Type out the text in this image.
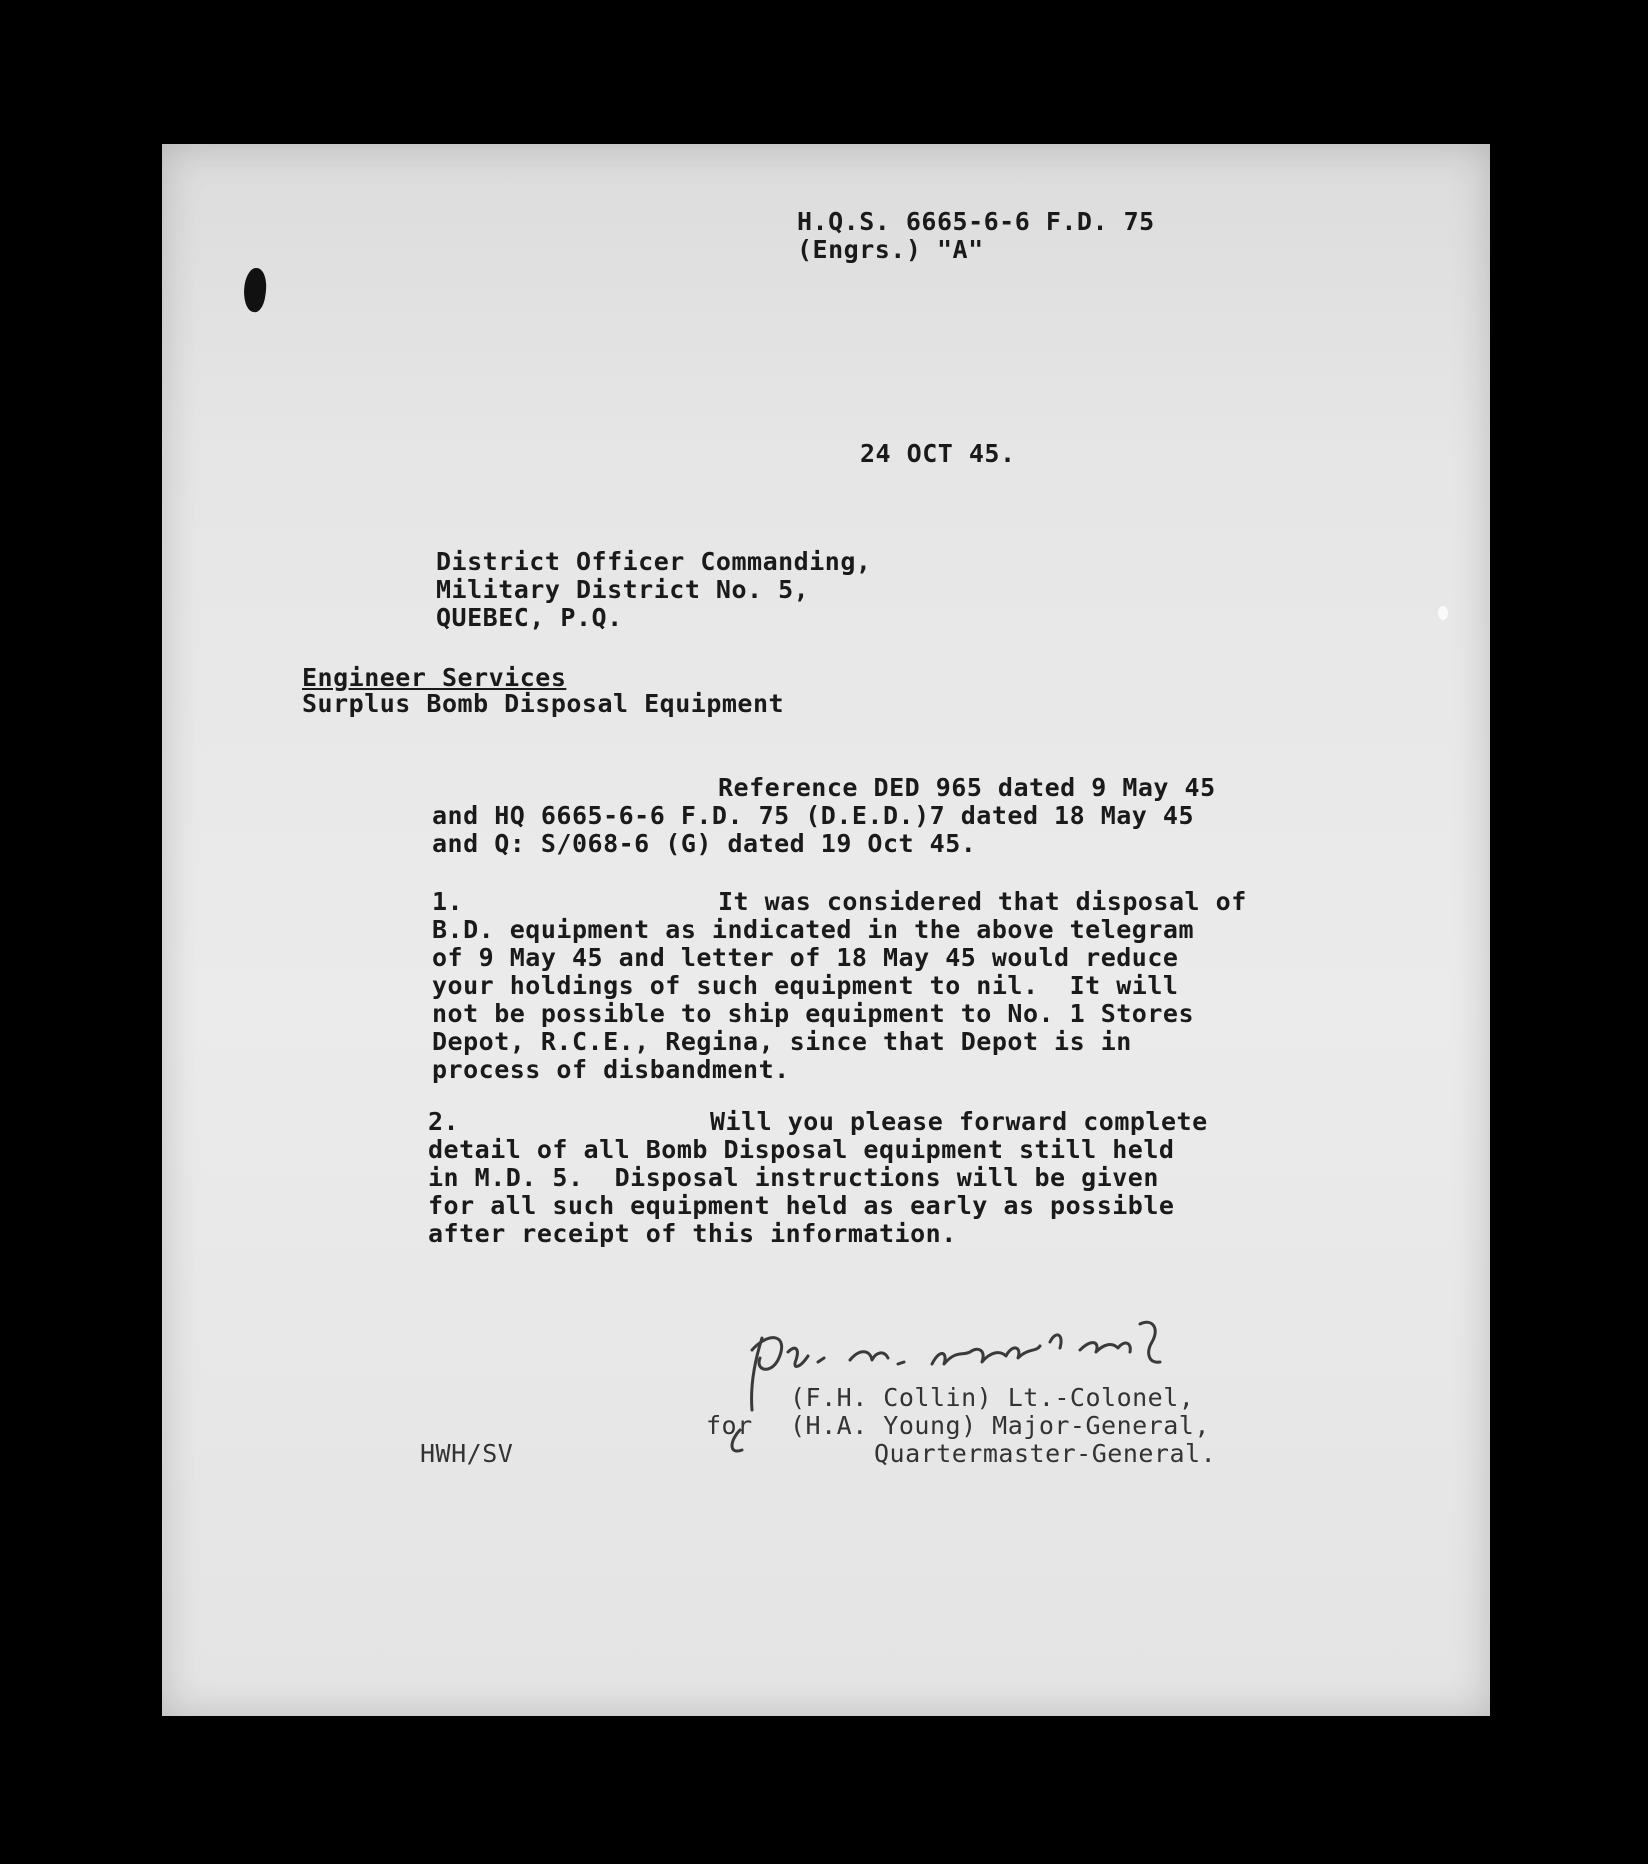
H.Q.S. 6665-6-6 F.D. 75
(Engrs.) "A"
24 OCT 45.
District Officer Commanding,
Military District No. 5,
QUEBEC, P.Q.
Engineer Services
Surplus Bomb Disposal Equipment
Reference DED 965 dated 9 May 45
and HQ 6665-6-6 F.D. 75 (D.E.D.)7 dated 18 May 45
and Q: S/068-6 (G) dated 19 Oct 45.
1.	It was considered that disposal of
B.D. equipment as indicated in the above telegram
of 9 May 45 and letter of 18 May 45 would reduce
your holdings of such equipment to nil.  It will
not be possible to ship equipment to No. 1 Stores
Depot, R.C.E., Regina, since that Depot is in
process of disbandment.
2.	Will you please forward complete
detail of all Bomb Disposal equipment still held
in M.D. 5.  Disposal instructions will be given
for all such equipment held as early as possible
after receipt of this information.
(F.H. Collin) Lt.-Colonel,
for (H.A. Young) Major-General,
Quartermaster-General.
HWH/SV
